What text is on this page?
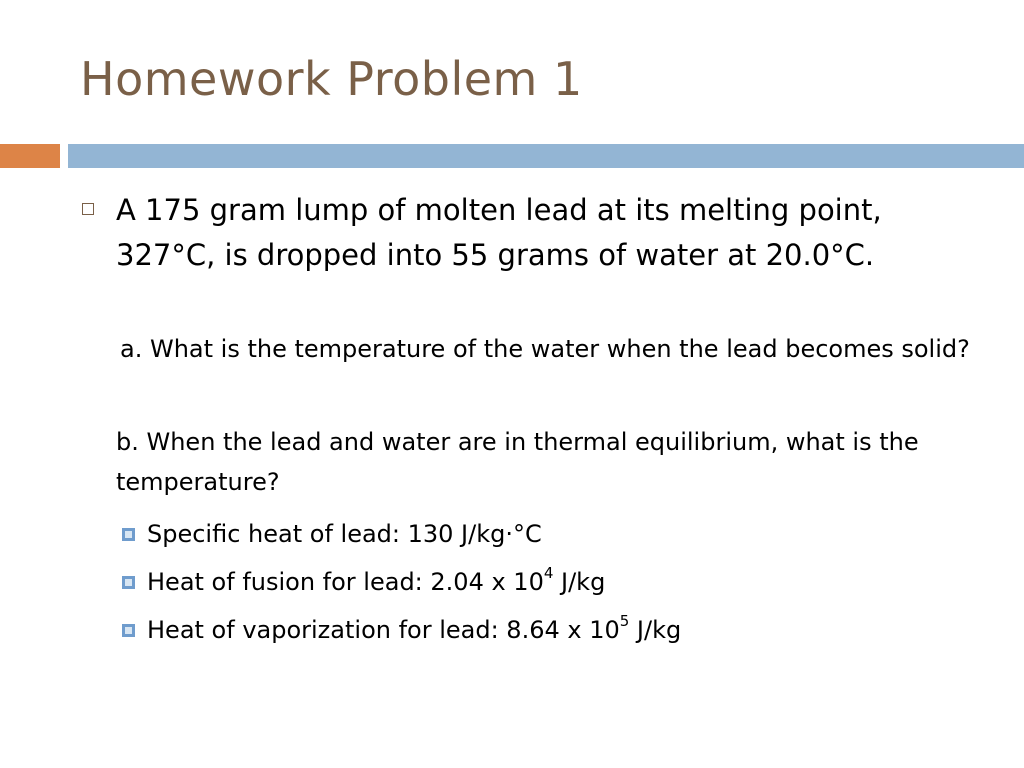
Homework Problem 1
A 175 gram lump of molten lead at its melting point, 327°C, is dropped into 55 grams of water at 20.0°C.
a. What is the temperature of the water when the lead becomes solid?
b. When the lead and water are in thermal equilibrium, what is the temperature?
Specific heat of lead: 130 J/kg·°C
Heat of fusion for lead: 2.04 x $10^4$ J/kg
Heat of vaporization for lead: 8.64 x $10^5$ J/kg
